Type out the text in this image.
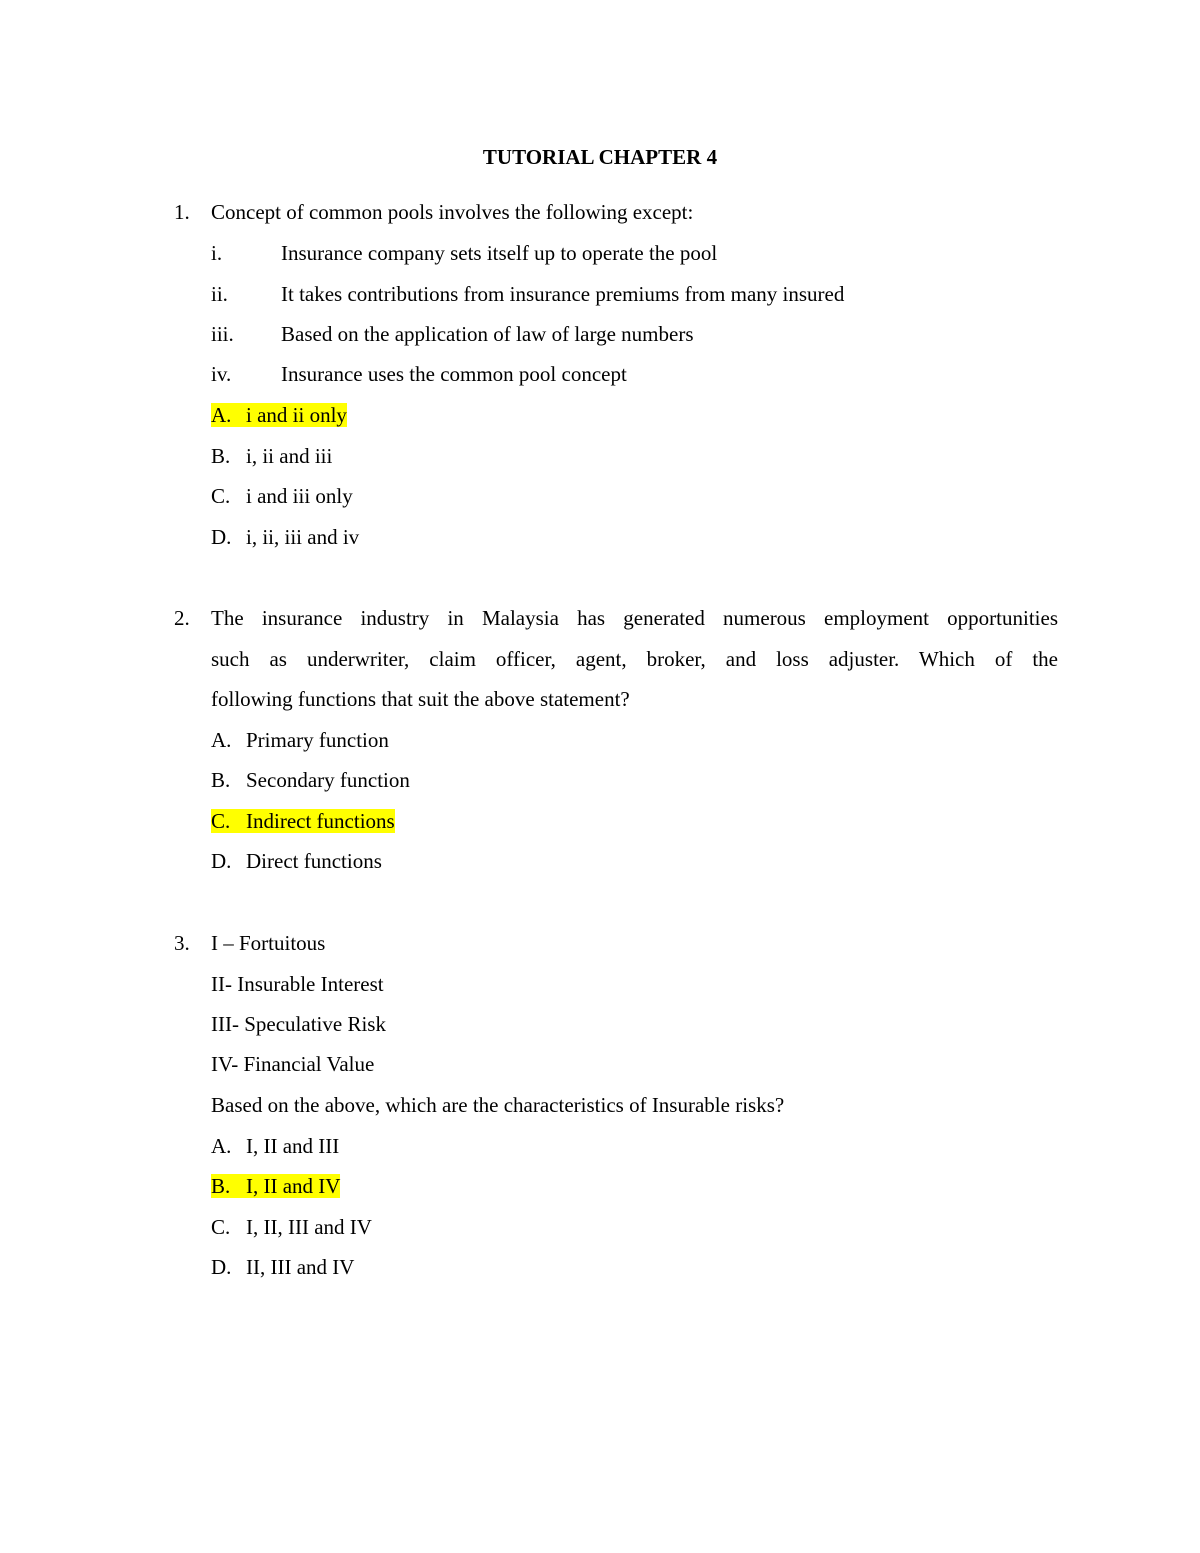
TUTORIAL CHAPTER 4
1. Concept of common pools involves the following except:
i.	Insurance company sets itself up to operate the pool
ii.	It takes contributions from insurance premiums from many insured
iii. Based on the application of law of large numbers
iv. Insurance uses the common pool concept
A. i and ii only
B. i, ii and iii
C. i and iii only
D. i, ii, iii and iv
2. The insurance industry in Malaysia has generated numerous employment opportunities
such as underwriter, claim officer, agent, broker, and loss adjuster. Which of the
following functions that suit the above statement?
A. Primary function
B. Secondary function
C. Indirect functions
D. Direct functions
3. I – Fortuitous
II- Insurable Interest
III- Speculative Risk
IV- Financial Value
Based on the above, which are the characteristics of Insurable risks?
A. I, II and III
B. I, II and IV
C. I, II, III and IV
D. II, III and IV
